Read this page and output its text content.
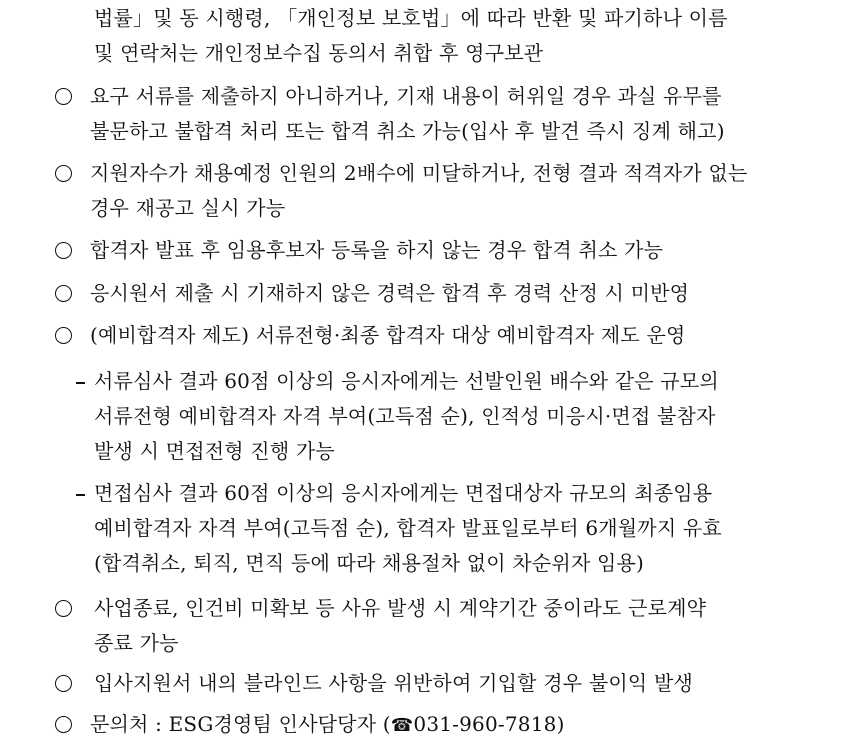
법률」및 동 시행령, 「개인정보 보호법」에 따라 반환 및 파기하나 이름
및 연락처는 개인정보수집 동의서 취합 후 영구보관
요구 서류를 제출하지 아니하거나, 기재 내용이 허위일 경우 과실 유무를
불문하고 불합격 처리 또는 합격 취소 가능(입사 후 발견 즉시 징계 해고)
지원자수가 채용예정 인원의 2배수에 미달하거나, 전형 결과 적격자가 없는
경우 재공고 실시 가능
합격자 발표 후 임용후보자 등록을 하지 않는 경우 합격 취소 가능
응시원서 제출 시 기재하지 않은 경력은 합격 후 경력 산정 시 미반영
(예비합격자 제도) 서류전형·최종 합격자 대상 예비합격자 제도 운영
서류심사 결과 60점 이상의 응시자에게는 선발인원 배수와 같은 규모의
서류전형 예비합격자 자격 부여(고득점 순), 인적성 미응시·면접 불참자
발생 시 면접전형 진행 가능
면접심사 결과 60점 이상의 응시자에게는 면접대상자 규모의 최종임용
예비합격자 자격 부여(고득점 순), 합격자 발표일로부터 6개월까지 유효
(합격취소, 퇴직, 면직 등에 따라 채용절차 없이 차순위자 임용)
사업종료, 인건비 미확보 등 사유 발생 시 계약기간 중이라도 근로계약
종료 가능
입사지원서 내의 블라인드 사항을 위반하여 기입할 경우 불이익 발생
문의처 : ESG경영팀 인사담당자 (☎031-960-7818)
